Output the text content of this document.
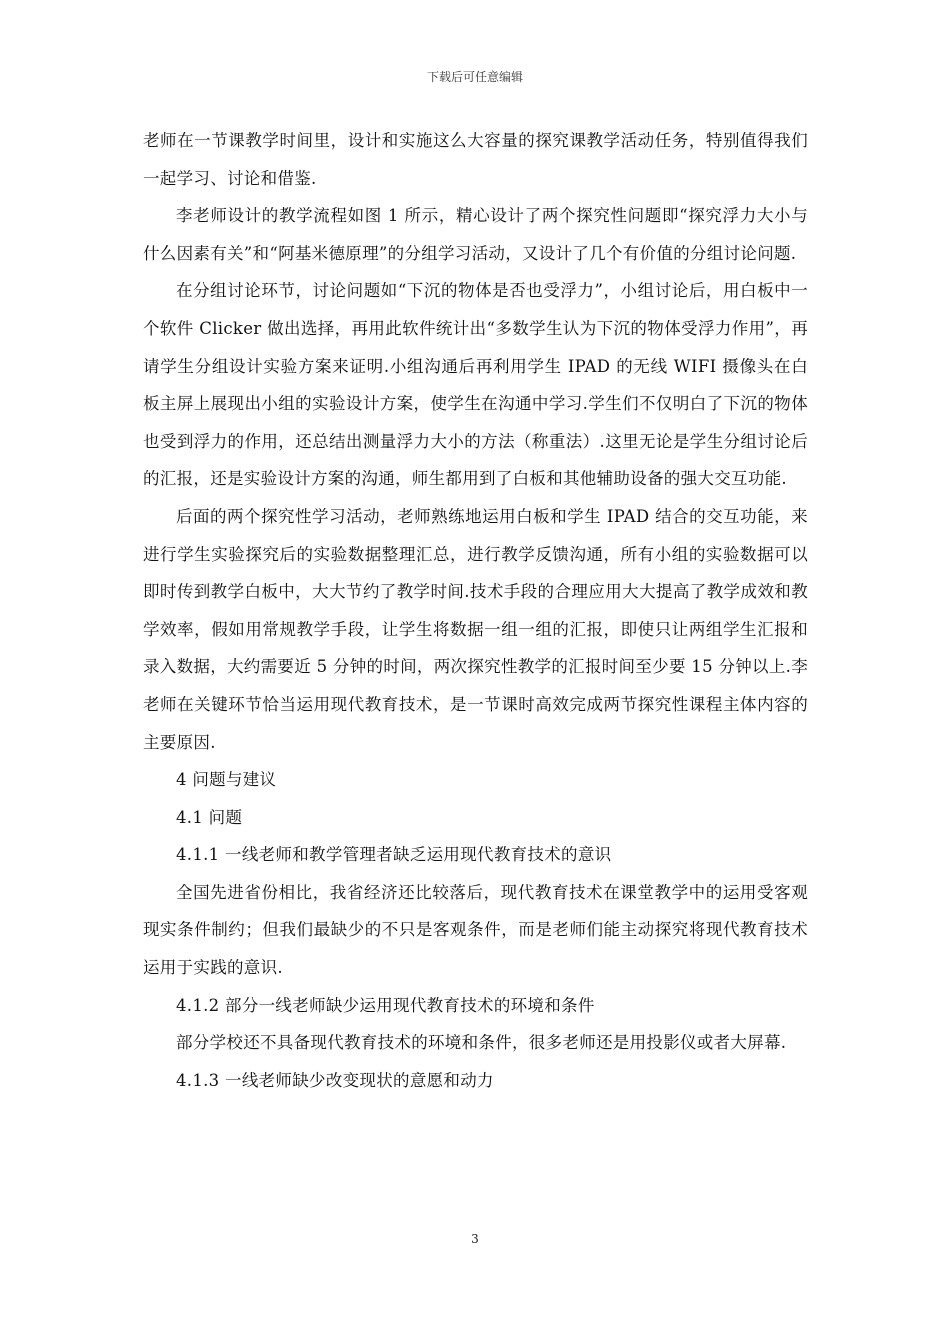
下载后可任意编辑

老师在一节课教学时间里，设计和实施这么大容量的探究课教学活动任务，特别值得我们一起学习、讨论和借鉴.

李老师设计的教学流程如图 1 所示，精心设计了两个探究性问题即“探究浮力大小与什么因素有关”和“阿基米德原理”的分组学习活动，又设计了几个有价值的分组讨论问题.

在分组讨论环节，讨论问题如“下沉的物体是否也受浮力”，小组讨论后，用白板中一个软件 Clicker 做出选择，再用此软件统计出“多数学生认为下沉的物体受浮力作用”，再请学生分组设计实验方案来证明.小组沟通后再利用学生 IPAD 的无线 WIFI 摄像头在白板主屏上展现出小组的实验设计方案，使学生在沟通中学习.学生们不仅明白了下沉的物体也受到浮力的作用，还总结出测量浮力大小的方法（称重法）.这里无论是学生分组讨论后的汇报，还是实验设计方案的沟通，师生都用到了白板和其他辅助设备的强大交互功能.

后面的两个探究性学习活动，老师熟练地运用白板和学生 IPAD 结合的交互功能，来进行学生实验探究后的实验数据整理汇总，进行教学反馈沟通，所有小组的实验数据可以即时传到教学白板中，大大节约了教学时间.技术手段的合理应用大大提高了教学成效和教学效率，假如用常规教学手段，让学生将数据一组一组的汇报，即使只让两组学生汇报和录入数据，大约需要近 5 分钟的时间，两次探究性教学的汇报时间至少要 15 分钟以上.李老师在关键环节恰当运用现代教育技术，是一节课时高效完成两节探究性课程主体内容的主要原因.

4 问题与建议

4.1 问题

4.1.1 一线老师和教学管理者缺乏运用现代教育技术的意识

全国先进省份相比，我省经济还比较落后，现代教育技术在课堂教学中的运用受客观现实条件制约；但我们最缺少的不只是客观条件，而是老师们能主动探究将现代教育技术运用于实践的意识.

4.1.2 部分一线老师缺少运用现代教育技术的环境和条件

部分学校还不具备现代教育技术的环境和条件，很多老师还是用投影仪或者大屏幕.

4.1.3 一线老师缺少改变现状的意愿和动力

3
